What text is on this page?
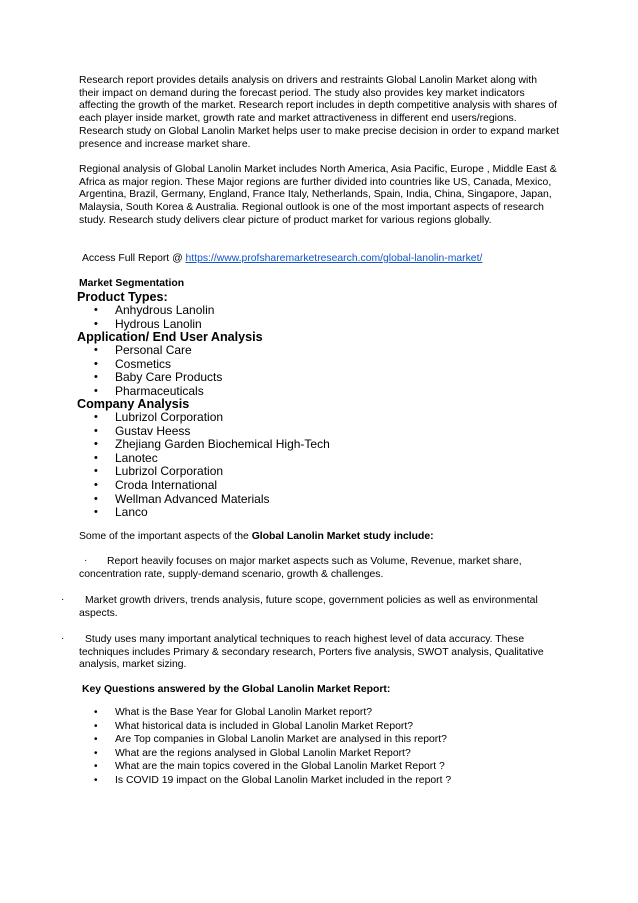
Research report provides details analysis on drivers and restraints Global Lanolin Market along with their impact on demand during the forecast period. The study also provides key market indicators affecting the growth of the market. Research report includes in depth competitive analysis with shares of each player inside market, growth rate and market attractiveness in different end users/regions. Research study on Global Lanolin Market helps user to make precise decision in order to expand market presence and increase market share.

Regional analysis of Global Lanolin Market includes North America, Asia Pacific, Europe , Middle East & Africa as major region. These Major regions are further divided into countries like US, Canada, Mexico, Argentina, Brazil, Germany, England, France Italy, Netherlands, Spain, India, China, Singapore, Japan, Malaysia, South Korea & Australia. Regional outlook is one of the most important aspects of research study. Research study delivers clear picture of product market for various regions globally.

Access Full Report @ https://www.profsharemarketresearch.com/global-lanolin-market/

Market Segmentation
Product Types:
• Anhydrous Lanolin
• Hydrous Lanolin
Application/ End User Analysis
• Personal Care
• Cosmetics
• Baby Care Products
• Pharmaceuticals
Company Analysis
• Lubrizol Corporation
• Gustav Heess
• Zhejiang Garden Biochemical High-Tech
• Lanotec
• Lubrizol Corporation
• Croda International
• Wellman Advanced Materials
• Lanco

Some of the important aspects of the Global Lanolin Market study include:

·	Report heavily focuses on major market aspects such as Volume, Revenue, market share, concentration rate, supply-demand scenario, growth & challenges.

·	Market growth drivers, trends analysis, future scope, government policies as well as environmental aspects.

·	Study uses many important analytical techniques to reach highest level of data accuracy. These techniques includes Primary & secondary research, Porters five analysis, SWOT analysis, Qualitative analysis, market sizing.

Key Questions answered by the Global Lanolin Market Report:
• What is the Base Year for Global Lanolin Market report?
• What historical data is included in Global Lanolin Market Report?
• Are Top companies in Global Lanolin Market are analysed in this report?
• What are the regions analysed in Global Lanolin Market Report?
• What are the main topics covered in the Global Lanolin Market Report ?
• Is COVID 19 impact on the Global Lanolin Market included in the report ?
